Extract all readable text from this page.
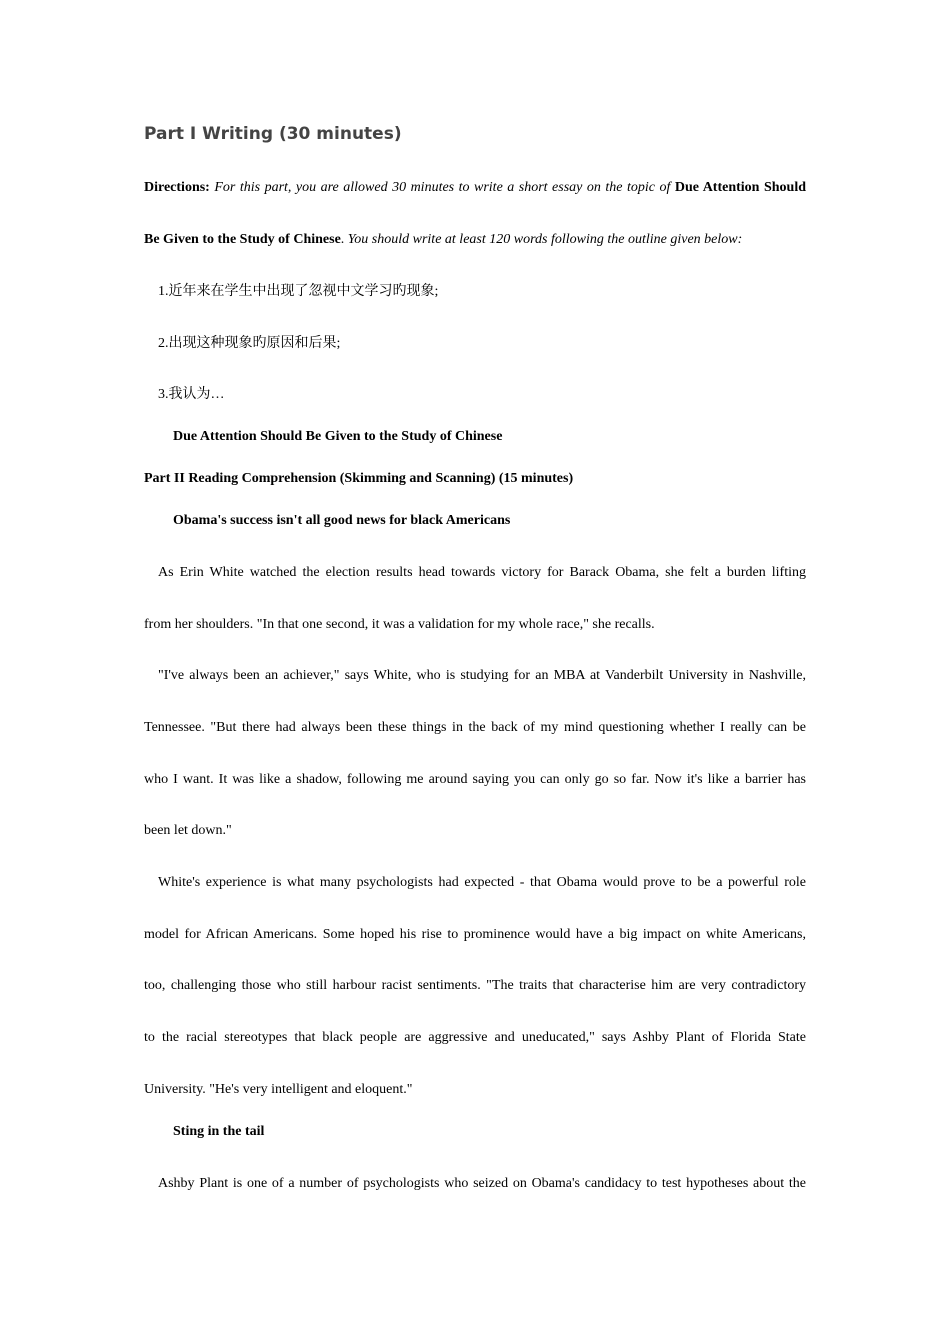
Part I Writing (30 minutes)
Directions: For this part, you are allowed 30 minutes to write a short essay on the topic of Due Attention Should
Be Given to the Study of Chinese. You should write at least 120 words following the outline given below:
1.近年来在学生中出现了忽视中文学习旳现象;
2.出现这种现象旳原因和后果;
3.我认为…
Due Attention Should Be Given to the Study of Chinese
Part II Reading Comprehension (Skimming and Scanning) (15 minutes)
Obama's success isn't all good news for black Americans
As Erin White watched the election results head towards victory for Barack Obama, she felt a burden lifting
from her shoulders. "In that one second, it was a validation for my whole race," she recalls.
"I've always been an achiever," says White, who is studying for an MBA at Vanderbilt University in Nashville,
Tennessee. "But there had always been these things in the back of my mind questioning whether I really can be
who I want. It was like a shadow, following me around saying you can only go so far. Now it's like a barrier has
been let down."
White's experience is what many psychologists had expected - that Obama would prove to be a powerful role
model for African Americans. Some hoped his rise to prominence would have a big impact on white Americans,
too, challenging those who still harbour racist sentiments. "The traits that characterise him are very contradictory
to the racial stereotypes that black people are aggressive and uneducated," says Ashby Plant of Florida State
University. "He's very intelligent and eloquent."
Sting in the tail
Ashby Plant is one of a number of psychologists who seized on Obama's candidacy to test hypotheses about the
